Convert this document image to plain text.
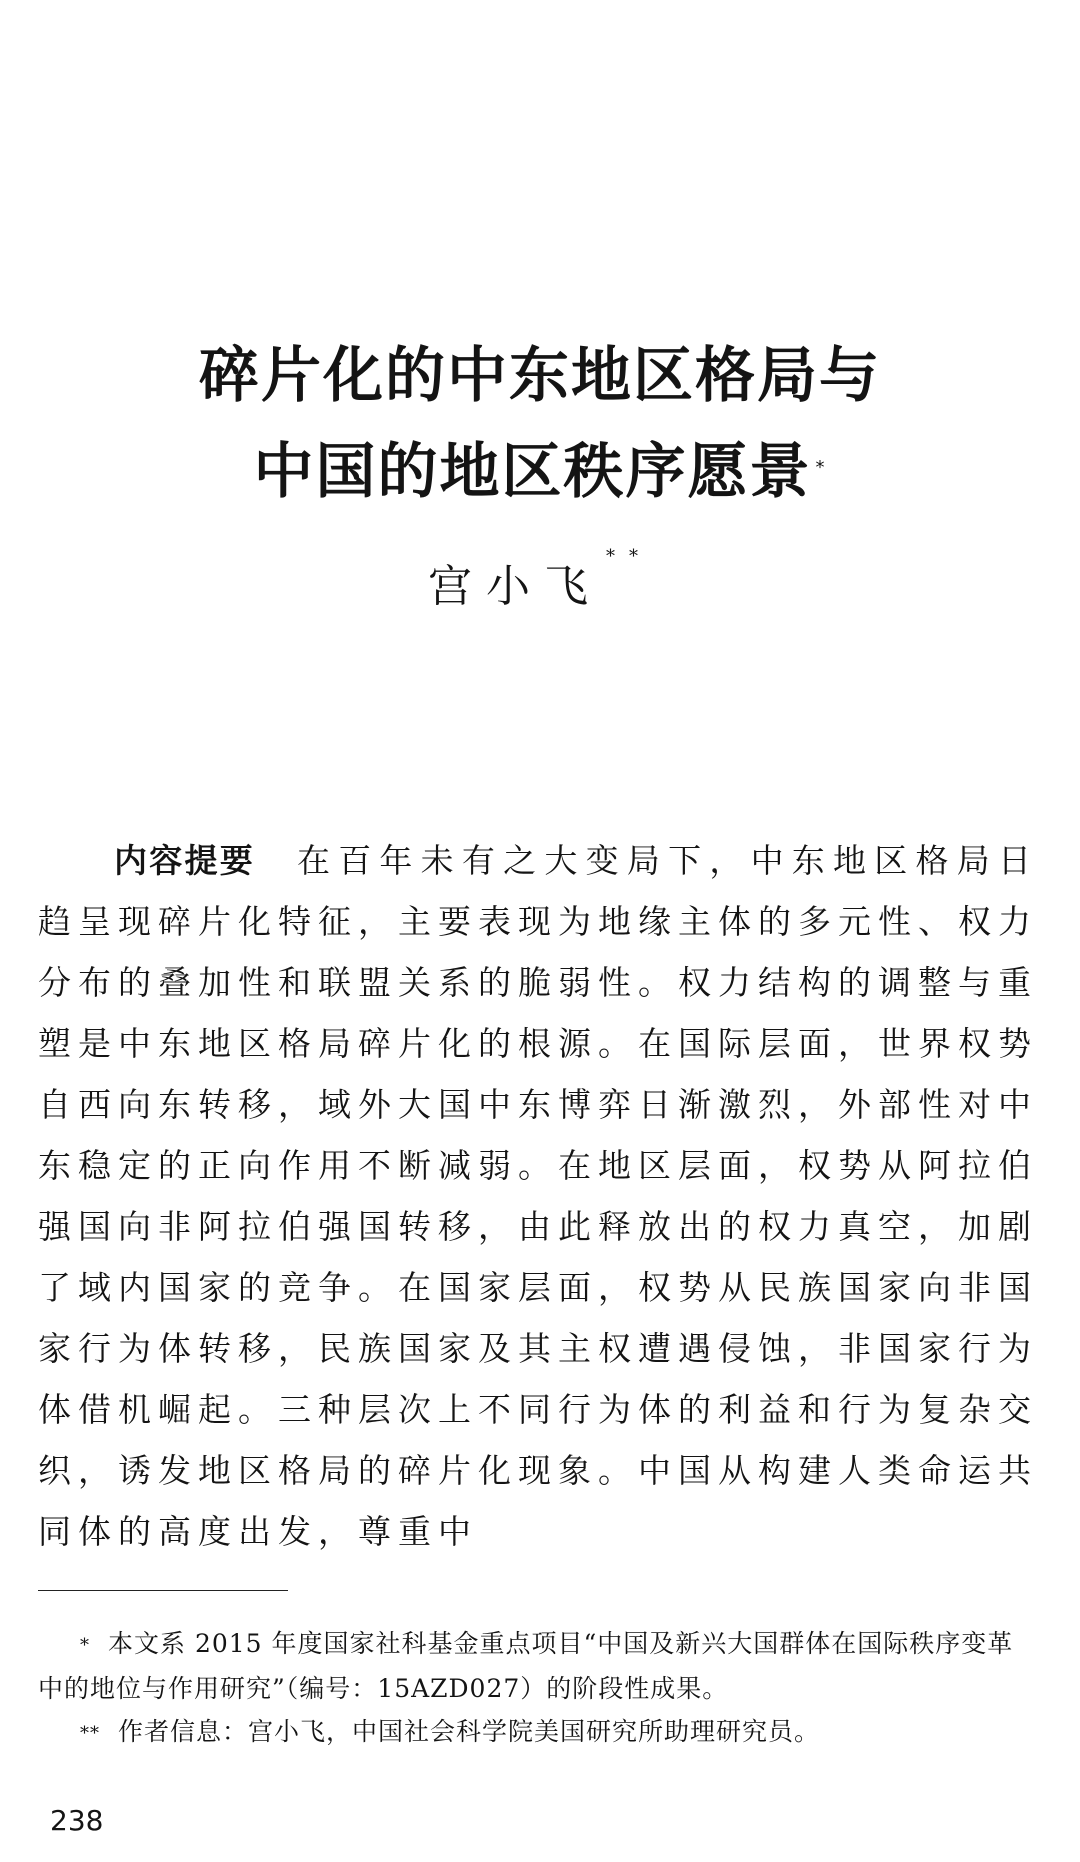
碎片化的中东地区格局与
中国的地区秩序愿景 *
宫小飞**
内容提要 在百年未有之大变局下，中东地区格局日趋呈现碎片化特征，主要表现为地缘主体的多元性、权力分布的叠加性和联盟关系的脆弱性。权力结构的调整与重塑是中东地区格局碎片化的根源。在国际层面，世界权势自西向东转移，域外大国中东博弈日渐激烈，外部性对中东稳定的正向作用不断减弱。在地区层面，权势从阿拉伯强国向非阿拉伯强国转移，由此释放出的权力真空，加剧了域内国家的竞争。在国家层面，权势从民族国家向非国家行为体转移，民族国家及其主权遭遇侵蚀，非国家行为体借机崛起。三种层次上不同行为体的利益和行为复杂交织，诱发地区格局的碎片化现象。中国从构建人类命运共同体的高度出发，尊重中
* 本文系 2015 年度国家社科基金重点项目“中国及新兴大国群体在国际秩序变革中的地位与作用研究”（编号：15AZD027）的阶段性成果。
** 作者信息：宫小飞，中国社会科学院美国研究所助理研究员。
238
